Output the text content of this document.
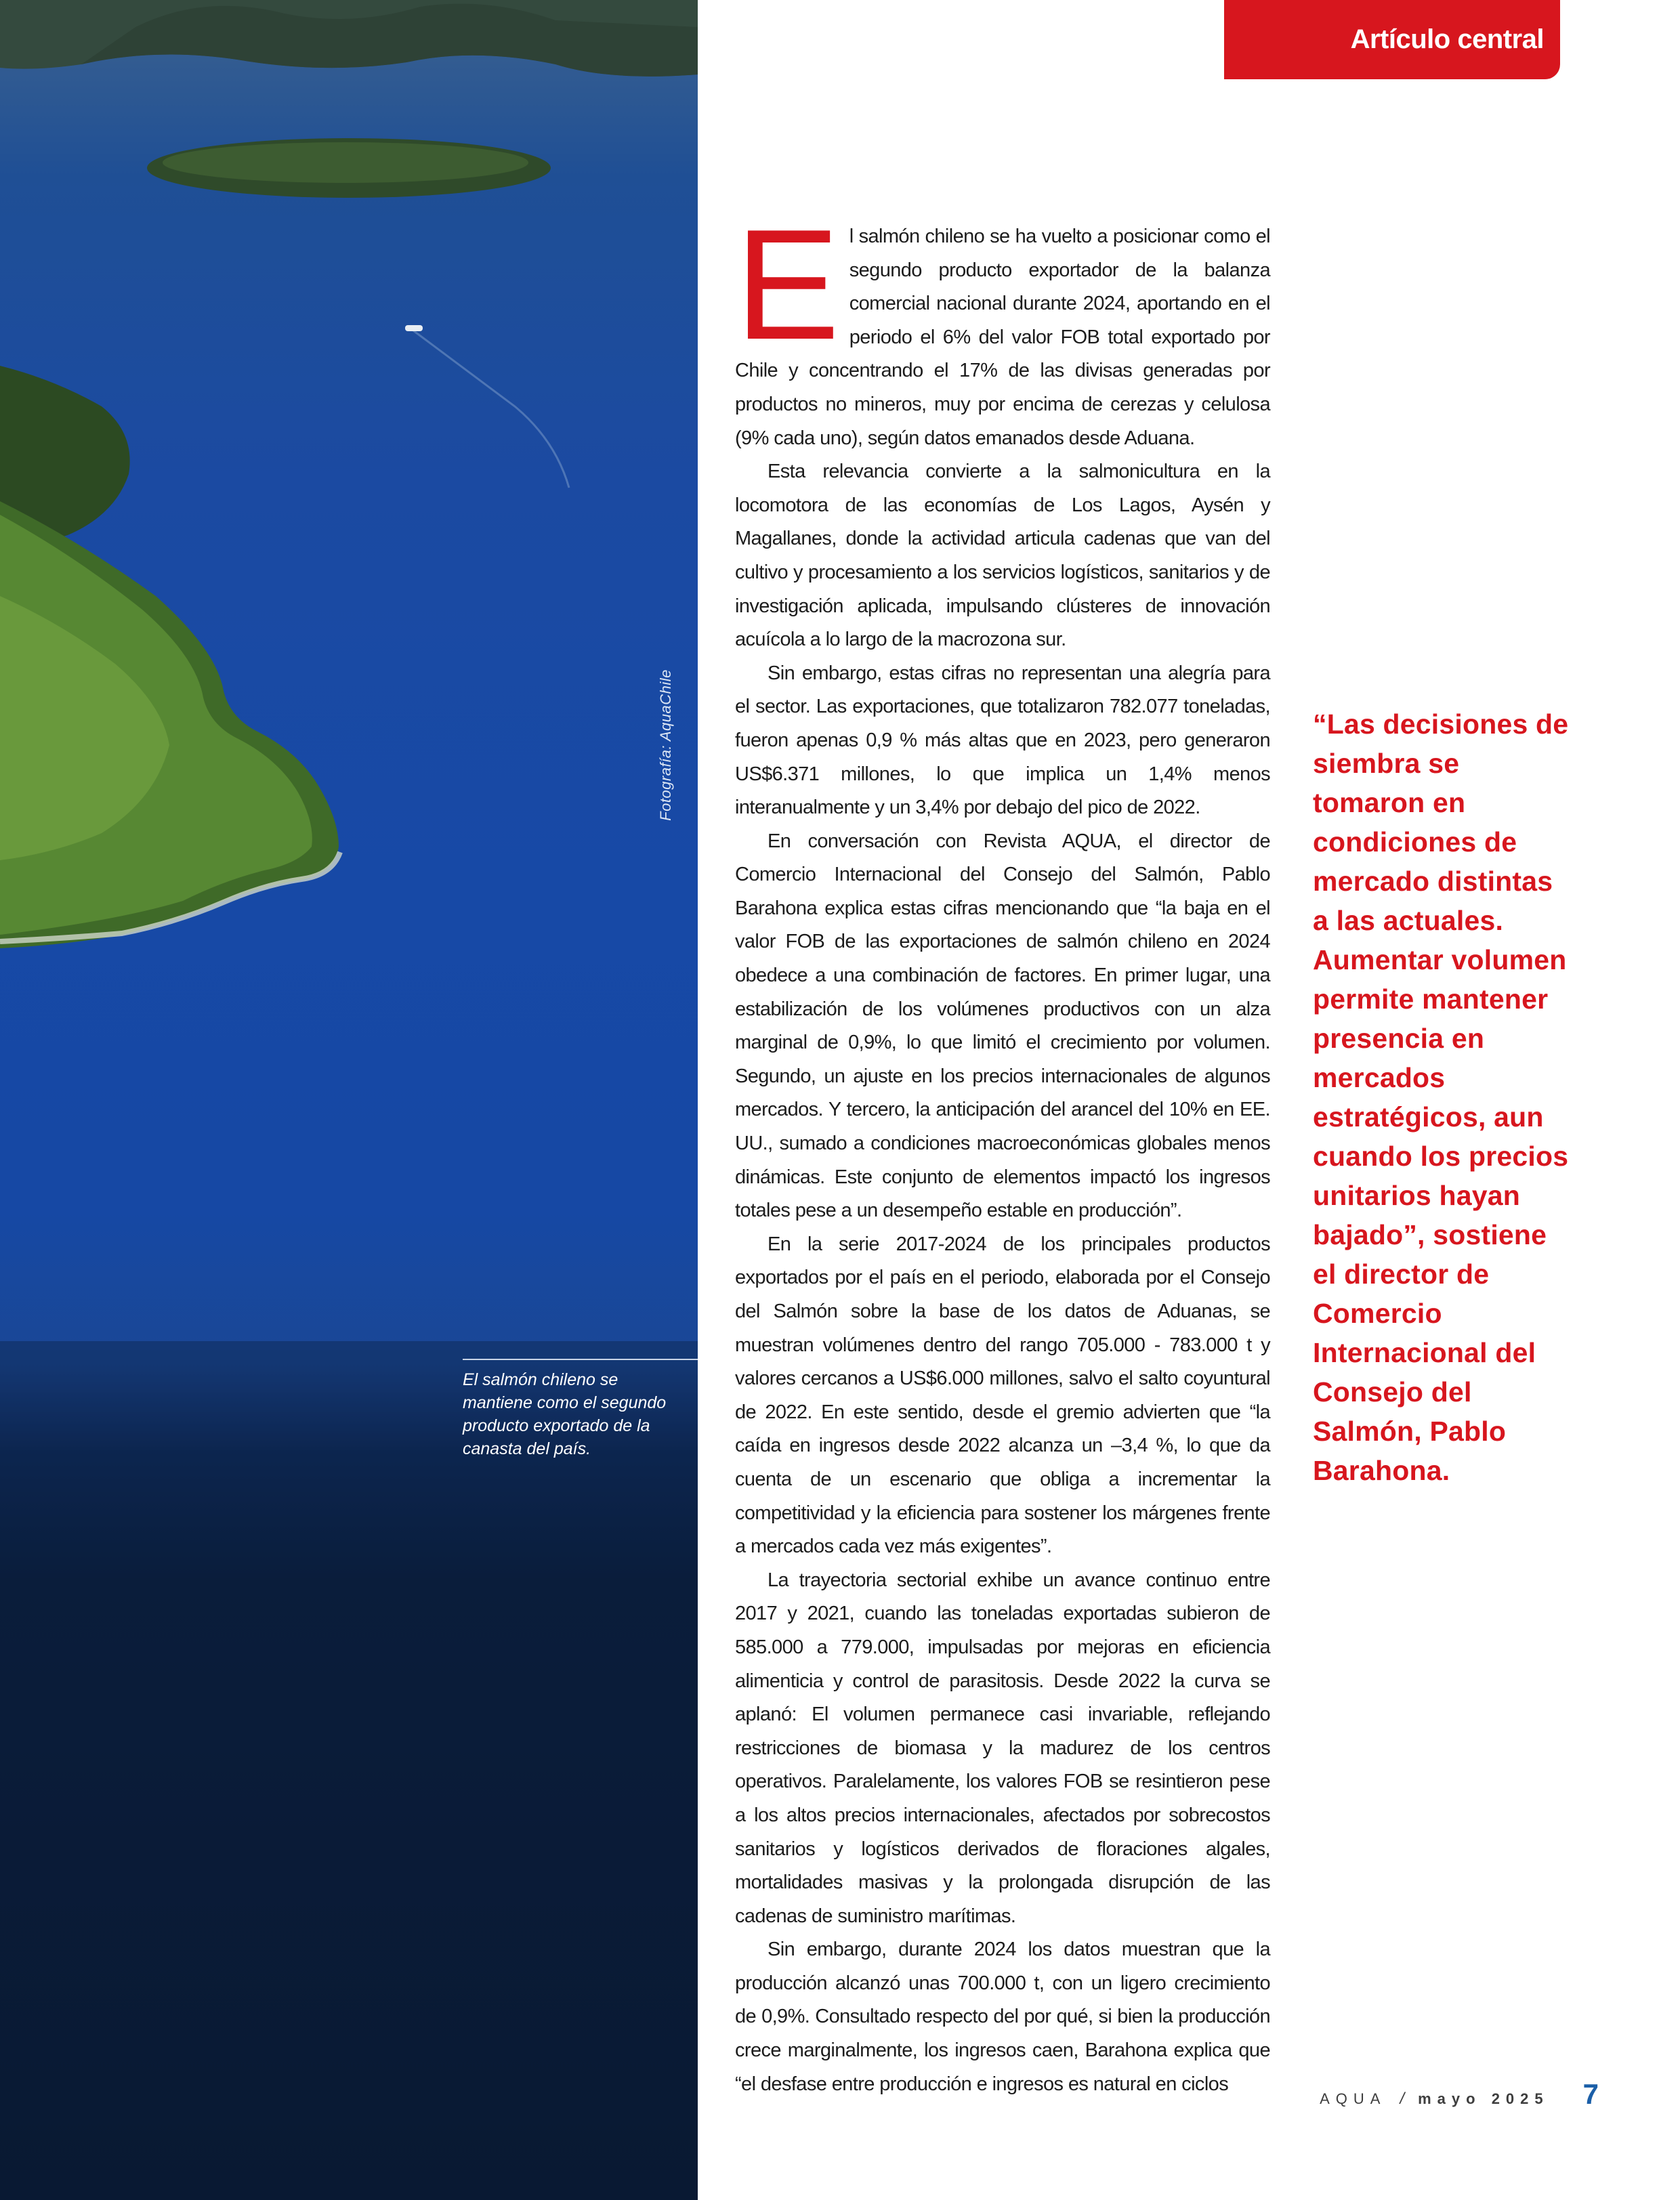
Fotografía: AquaChile
El salmón chileno se mantiene como el segundo producto exportado de la canasta del país.
Artículo central

El salmón chileno se ha vuelto a posicionar como el segundo producto exportador de la balanza comercial nacional durante 2024, aportando en el periodo el 6% del valor FOB total exportado por Chile y concentrando el 17% de las divisas generadas por productos no mineros, muy por encima de cerezas y celulosa (9% cada uno), según datos emanados desde Aduana.

Esta relevancia convierte a la salmonicultura en la locomotora de las economías de Los Lagos, Aysén y Magallanes, donde la actividad articula cadenas que van del cultivo y procesamiento a los servicios logísticos, sanitarios y de investigación aplicada, impulsando clústeres de innovación acuícola a lo largo de la macrozona sur.

Sin embargo, estas cifras no representan una alegría para el sector. Las exportaciones, que totalizaron 782.077 toneladas, fueron apenas 0,9 % más altas que en 2023, pero generaron US$6.371 millones, lo que implica un 1,4% menos interanualmente y un 3,4% por debajo del pico de 2022.

En conversación con Revista AQUA, el director de Comercio Internacional del Consejo del Salmón, Pablo Barahona explica estas cifras mencionando que “la baja en el valor FOB de las exportaciones de salmón chileno en 2024 obedece a una combinación de factores. En primer lugar, una estabilización de los volúmenes productivos con un alza marginal de 0,9%, lo que limitó el crecimiento por volumen. Segundo, un ajuste en los precios internacionales de algunos mercados. Y tercero, la anticipación del arancel del 10% en EE. UU., sumado a condiciones macroeconómicas globales menos dinámicas. Este conjunto de elementos impactó los ingresos totales pese a un desempeño estable en producción”.

En la serie 2017-2024 de los principales productos exportados por el país en el periodo, elaborada por el Consejo del Salmón sobre la base de los datos de Aduanas, se muestran volúmenes dentro del rango 705.000 - 783.000 t y valores cercanos a US$6.000 millones, salvo el salto coyuntural de 2022. En este sentido, desde el gremio advierten que “la caída en ingresos desde 2022 alcanza un –3,4 %, lo que da cuenta de un escenario que obliga a incrementar la competitividad y la eficiencia para sostener los márgenes frente a mercados cada vez más exigentes”.

La trayectoria sectorial exhibe un avance continuo entre 2017 y 2021, cuando las toneladas exportadas subieron de 585.000 a 779.000, impulsadas por mejoras en eficiencia alimenticia y control de parasitosis. Desde 2022 la curva se aplanó: El volumen permanece casi invariable, reflejando restricciones de biomasa y la madurez de los centros operativos. Paralelamente, los valores FOB se resintieron pese a los altos precios internacionales, afectados por sobrecostos sanitarios y logísticos derivados de floraciones algales, mortalidades masivas y la prolongada disrupción de las cadenas de suministro marítimas.

Sin embargo, durante 2024 los datos muestran que la producción alcanzó unas 700.000 t, con un ligero crecimiento de 0,9%. Consultado respecto del por qué, si bien la producción crece marginalmente, los ingresos caen, Barahona explica que “el desfase entre producción e ingresos es natural en ciclos

“Las decisiones de siembra se tomaron en condiciones de mercado distintas a las actuales. Aumentar volumen permite mantener presencia en mercados estratégicos, aun cuando los precios unitarios hayan bajado”, sostiene el director de Comercio Internacional del Consejo del Salmón, Pablo Barahona.
AQUA / mayo 2025 7
